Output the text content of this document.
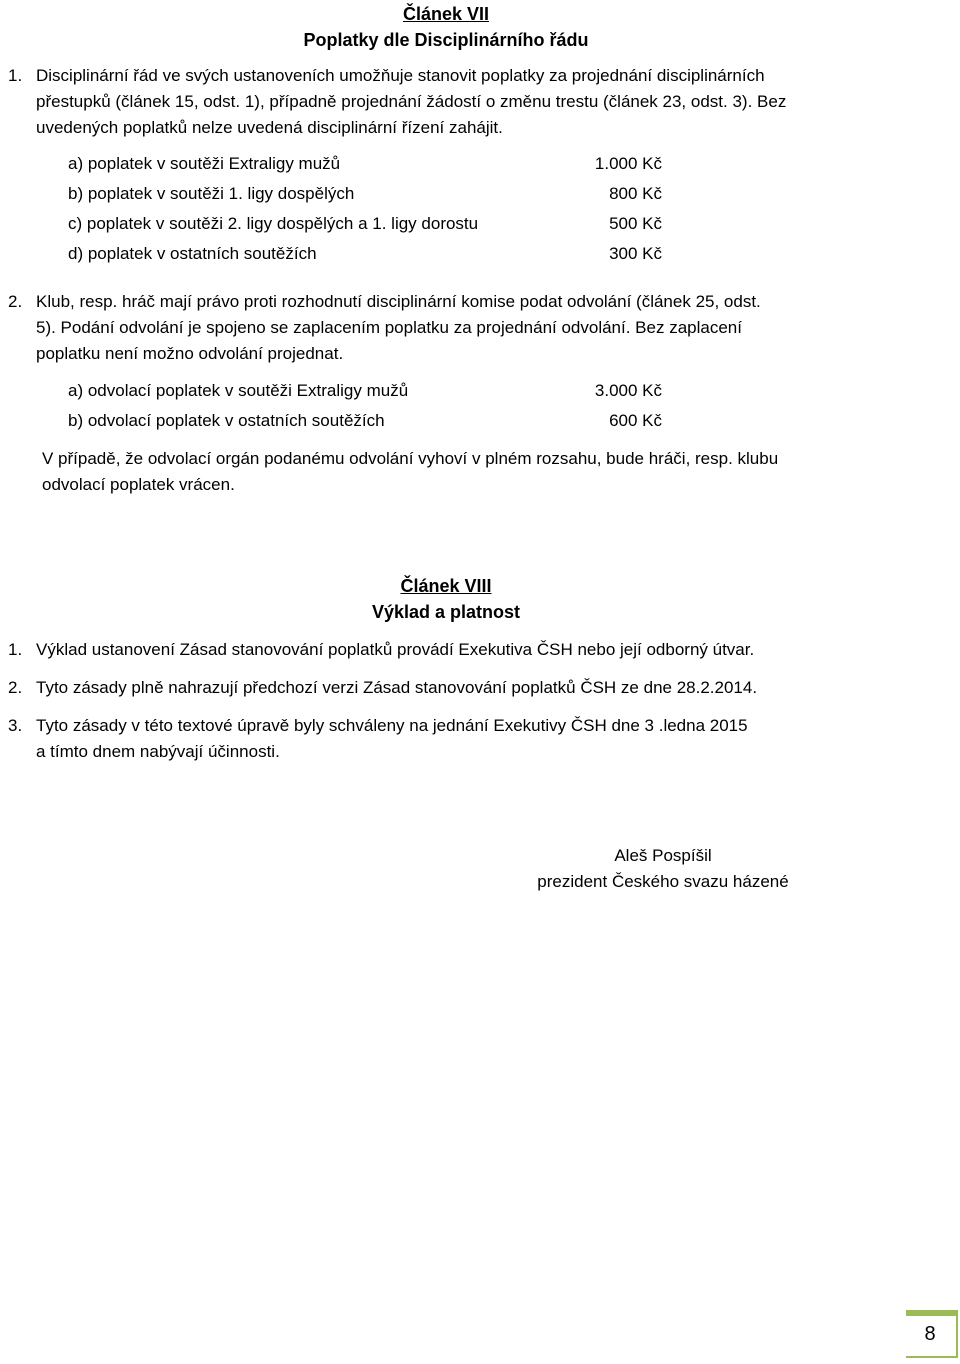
Článek VII
Poplatky dle Disciplinárního řádu
1. Disciplinární řád ve svých ustanoveních umožňuje stanovit poplatky za projednání disciplinárních
přestupků (článek 15, odst. 1), případně projednání žádostí o změnu trestu (článek 23, odst. 3). Bez
uvedených poplatků nelze uvedená disciplinární řízení zahájit.
a) poplatek v soutěži Extraligy mužů	1.000 Kč
b) poplatek v soutěži 1. ligy dospělých	800 Kč
c) poplatek v soutěži 2. ligy dospělých a 1. ligy dorostu	500 Kč
d) poplatek v ostatních soutěžích	300 Kč
2. Klub, resp. hráč mají právo proti rozhodnutí disciplinární komise podat odvolání (článek 25, odst.
5). Podání odvolání je spojeno se zaplacením poplatku za projednání odvolání. Bez zaplacení
poplatku není možno odvolání projednat.
a) odvolací poplatek v soutěži Extraligy mužů	3.000 Kč
b) odvolací poplatek v ostatních soutěžích	600 Kč
V případě, že odvolací orgán podanému odvolání vyhoví v plném rozsahu, bude hráči, resp. klubu
odvolací poplatek vrácen.
Článek VIII
Výklad a platnost
1. Výklad ustanovení Zásad stanovování poplatků provádí Exekutiva ČSH nebo její odborný útvar.
2. Tyto zásady plně nahrazují předchozí verzi Zásad stanovování poplatků ČSH ze dne 28.2.2014.
3. Tyto zásady v této textové úpravě byly schváleny na jednání Exekutivy ČSH dne 3 .ledna 2015
a tímto dnem nabývají účinnosti.
Aleš Pospíšil
prezident Českého svazu házené
8
